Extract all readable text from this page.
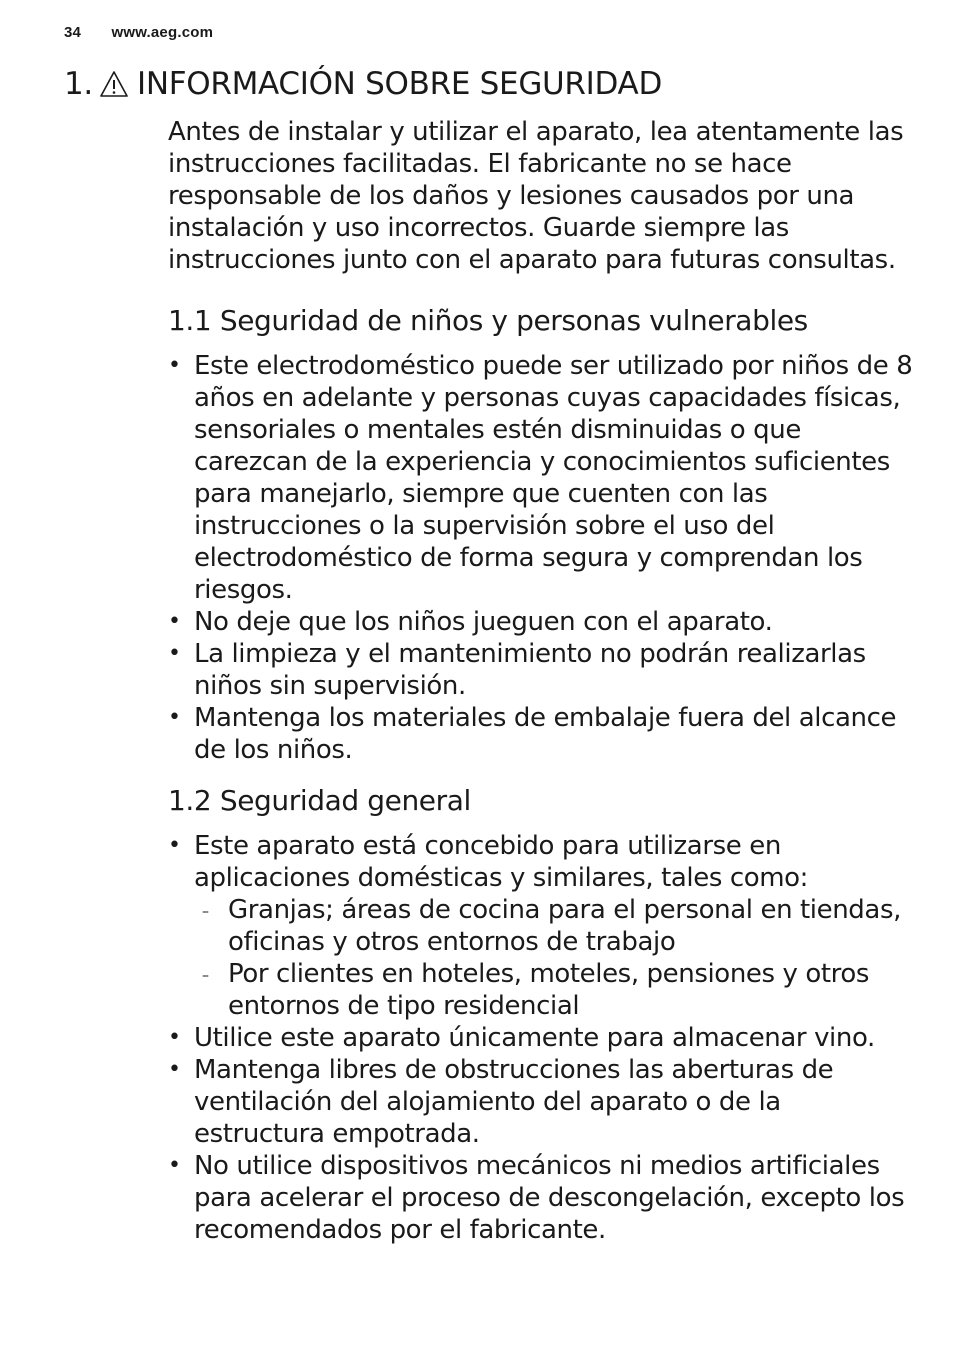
34 www.aeg.com
1. INFORMACIÓN SOBRE SEGURIDAD

Antes de instalar y utilizar el aparato, lea atentamente las instrucciones facilitadas. El fabricante no se hace responsable de los daños y lesiones causados por una instalación y uso incorrectos. Guarde siempre las instrucciones junto con el aparato para futuras consultas.

1.1 Seguridad de niños y personas vulnerables
• Este electrodoméstico puede ser utilizado por niños de 8 años en adelante y personas cuyas capacidades físicas, sensoriales o mentales estén disminuidas o que carezcan de la experiencia y conocimientos suficientes para manejarlo, siempre que cuenten con las instrucciones o la supervisión sobre el uso del electrodoméstico de forma segura y comprendan los riesgos.
• No deje que los niños jueguen con el aparato.
• La limpieza y el mantenimiento no podrán realizarlas niños sin supervisión.
• Mantenga los materiales de embalaje fuera del alcance de los niños.
1.2 Seguridad general
• Este aparato está concebido para utilizarse en aplicaciones domésticas y similares, tales como:
– Granjas; áreas de cocina para el personal en tiendas, oficinas y otros entornos de trabajo
– Por clientes en hoteles, moteles, pensiones y otros entornos de tipo residencial
• Utilice este aparato únicamente para almacenar vino.
• Mantenga libres de obstrucciones las aberturas de ventilación del alojamiento del aparato o de la estructura empotrada.
• No utilice dispositivos mecánicos ni medios artificiales para acelerar el proceso de descongelación, excepto los recomendados por el fabricante.
